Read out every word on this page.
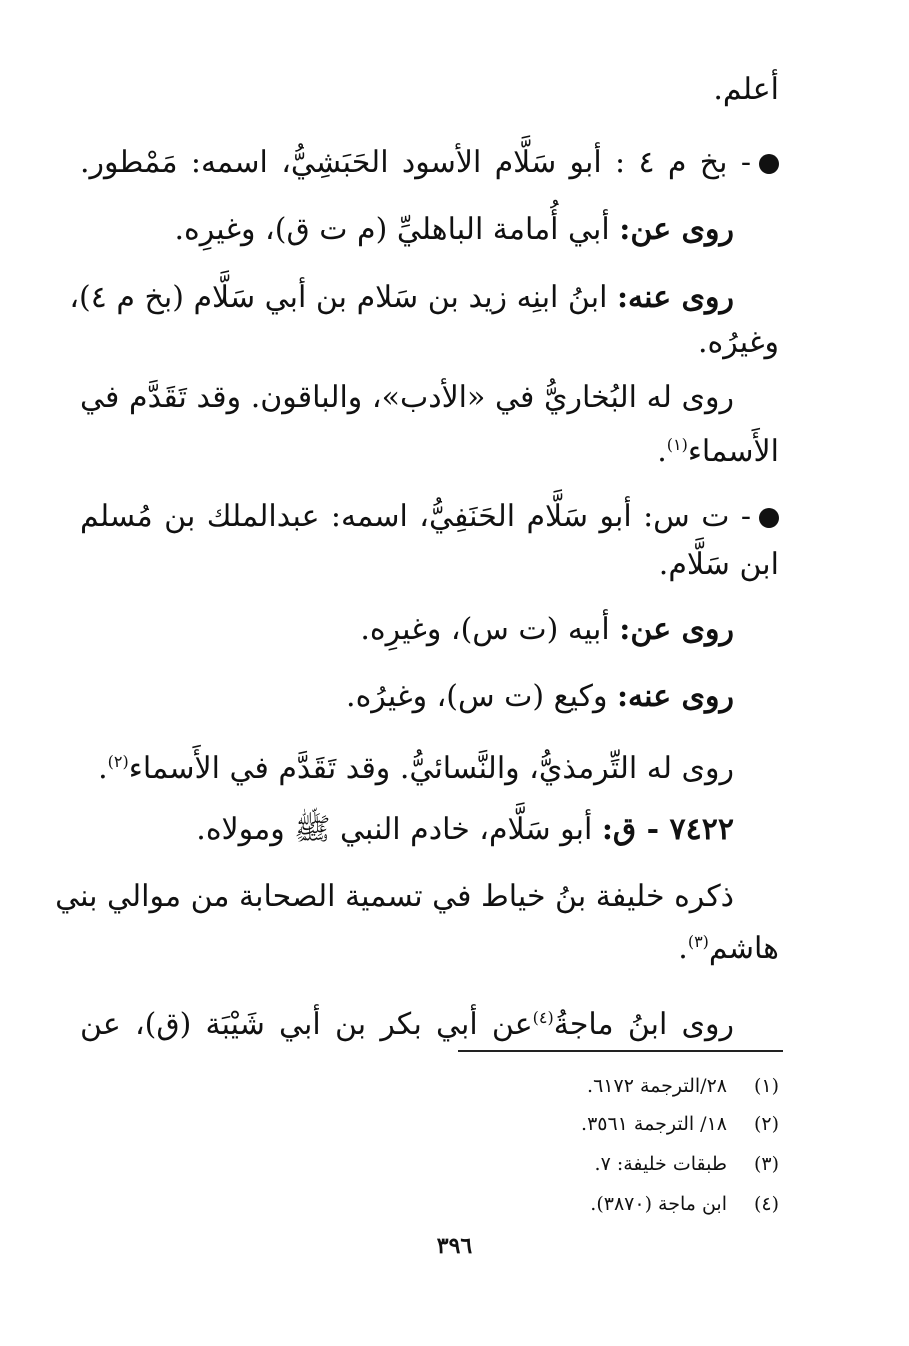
أعلم.
- بخ م ٤ : أبو سَلَّام الأسود الحَبَشِيُّ، اسمه: مَمْطور.
روى عن: أبي أُمامة الباهليِّ (م ت ق)، وغيرِه.
روى عنه: ابنُ ابنِه زيد بن سَلام بن أبي سَلَّام (بخ م ٤)،
وغيرُه.
روى له البُخاريُّ في «الأدب»، والباقون. وقد تَقَدَّم في
الأَسماء$^{(١)}$.
- ت س: أبو سَلَّام الحَنَفِيُّ، اسمه: عبدالملك بن مُسلم
ابن سَلَّام.
روى عن: أبيه (ت س)، وغيرِه.
روى عنه: وكيع (ت س)، وغيرُه.
روى له التِّرمذيُّ، والنَّسائيُّ. وقد تَقَدَّم في الأَسماء$^{(٢)}$.
٧٤٢٢ - ق: أبو سَلَّام، خادم النبي ﷺ ومولاه.
ذكره خليفة بنُ خياط في تسمية الصحابة من موالي بني
هاشم$^{(٣)}$.
روى ابنُ ماجةُ$^{(٤)}$عن أبي بكر بن أبي شَيْبَة (ق)، عن
(١)٢٨/الترجمة ٦١٧٢.
(٢)١٨/ الترجمة ٣٥٦١.
(٣)طبقات خليفة: ٧.
(٤)ابن ماجة (٣٨٧٠).
٣٩٦
